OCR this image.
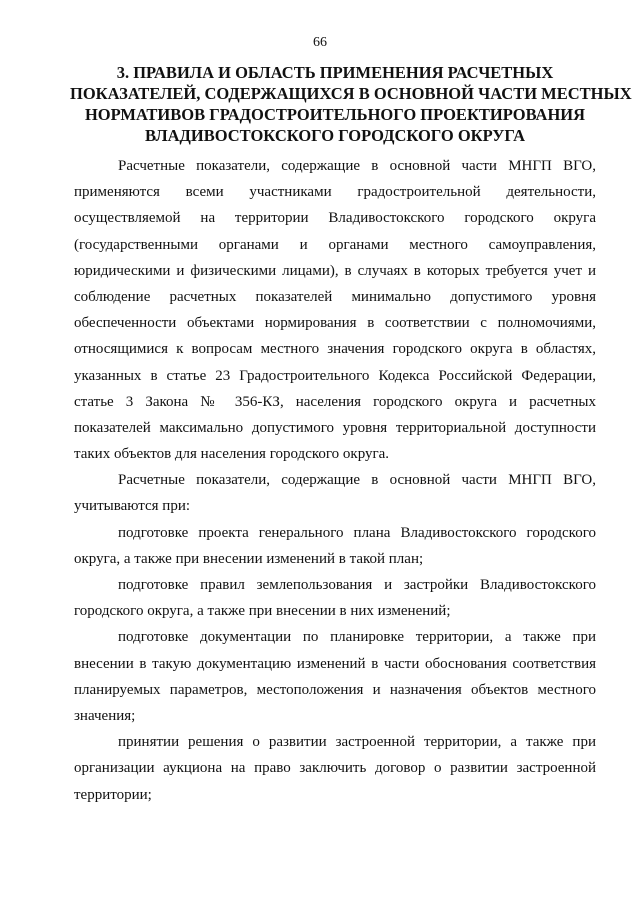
66
3. ПРАВИЛА И ОБЛАСТЬ ПРИМЕНЕНИЯ РАСЧЕТНЫХ
ПОКАЗАТЕЛЕЙ, СОДЕРЖАЩИХСЯ В ОСНОВНОЙ ЧАСТИ МЕСТНЫХ
НОРМАТИВОВ ГРАДОСТРОИТЕЛЬНОГО ПРОЕКТИРОВАНИЯ
ВЛАДИВОСТОКСКОГО ГОРОДСКОГО ОКРУГА
Расчетные показатели, содержащие в основной части МНГП ВГО,
применяются всеми участниками градостроительной деятельности,
осуществляемой на территории Владивостокского городского округа
(государственными органами и органами местного самоуправления,
юридическими и физическими лицами), в случаях в которых требуется учет и
соблюдение расчетных показателей минимально допустимого уровня
обеспеченности объектами нормирования в соответствии с полномочиями,
относящимися к вопросам местного значения городского округа в областях,
указанных в статье 23 Градостроительного Кодекса Российской Федерации,
статье 3 Закона № 356-КЗ, населения городского округа и расчетных
показателей максимально допустимого уровня территориальной доступности
таких объектов для населения городского округа.
Расчетные показатели, содержащие в основной части МНГП ВГО,
учитываются при:
подготовке проекта генерального плана Владивостокского городского
округа, а также при внесении изменений в такой план;
подготовке правил землепользования и застройки Владивостокского
городского округа, а также при внесении в них изменений;
подготовке документации по планировке территории, а также при
внесении в такую документацию изменений в части обоснования соответствия
планируемых параметров, местоположения и назначения объектов местного
значения;
принятии решения о развитии застроенной территории, а также при
организации аукциона на право заключить договор о развитии застроенной
территории;
